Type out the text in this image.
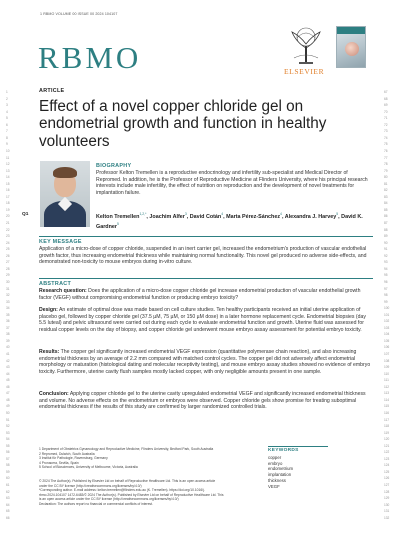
1 RBMO VOLUME 00 ISSUE 00 2024 104107
RBMO	ELSEVIER
1
2
3
4
5
6
7
8
9
10
11
12
13
14
15
16
17
18
19
20
21
22
23
24
25
26
27
28
29
30
31
32
33
34
35
36
37
38
39
40
41
42
43
44
45
46
47
48
49
50
51
52
53
54
55
56
57
58
59
60
61
62
63
64
65
66
67
68
69
70
71
72
73
74
75
76
77
78
79
80
81
82
83
84
85
86
87
88
89
90
91
92
93
94
95
96
97
98
99
100
101
102
103
104
105
106
107
108
109
110
111
112
113
114
115
116
117
118
119
120
121
122
123
124
125
126
127
128
129
130
131
132
ARTICLE
Effect of a novel copper chloride gel on endometrial growth and function in healthy volunteers
BIOGRAPHY

Professor Kelton Tremellen is a reproductive endocrinology and infertility sub-specialist and Medical Director of Repromed. In addition, he is the Professor of Reproductive Medicine at Flinders University, where his principal research interests include male infertility, the effect of nutrition on reproduction and the development of novel treatments for implantation failure.

Q1	Kelton Tremellen$^{1,2,*}$, Joachim Alfer$^3$, David Cotán$^4$, Marta Pérez-Sánchez$^4$, Alexandra J. Harvey$^5$, David K. Gardner$^5$
KEY MESSAGE

Application of a micro-dose of copper chloride, suspended in an inert carrier gel, increased the endometrium's production of vascular endothelial growth factor, thus increasing endometrial thickness while maintaining normal functionality. This novel gel produced no adverse side-effects, and demonstrated non-toxicity to mouse embryos during in-vitro culture.

ABSTRACT

Research question: Does the application of a micro-dose copper chloride gel increase endometrial production of vascular endothelial growth factor (VEGF) without compromising endometrial function or producing embryo toxicity?

Design: An estimate of optimal dose was made based on cell culture studies. Ten healthy participants received an initial uterine application of placebo gel, followed by copper chloride gel (37.5 µM, 75 µM, or 150 µM dose) in a later hormone replacement cycle. Endometrial biopsies (day 5.5 luteal) and pelvic ultrasound were carried out during each cycle to evaluate endometrial function and growth. Uterine fluid was assessed for residual copper levels on the day of biopsy, and copper chloride gel underwent mouse embryo assay assessment for potential embryo toxicity.

Results: The copper gel significantly increased endometrial VEGF expression (quantitative polymerase chain reaction), and also increasing endometrial thickness by an average of 2.2 mm compared with matched control cycles. The copper gel did not adversely affect endometrial morphology or maturation (histological dating and molecular receptivity testing), and mouse embryo assay studies showed no evidence of embryo toxicity. Furthermore, uterine cavity flush samples mostly lacked copper, with only negligible amounts present in one sample.

Conclusion: Applying copper chloride gel to the uterine cavity upregulated endometrial VEGF and significantly increased endometrial thickness and volume. No adverse effects on the endometrium or embryos were observed. Copper chloride gels show promise for treating suboptimal endometrial thickness if the results of this study are confirmed by larger randomized controlled trials.

1 Department of Obstetrics Gynaecology and Reproductive Medicine, Flinders University, Bedford Park, South Australia
2 Repromed, Dulwich, South Australia
3 Institut für Pathologie, Ravensburg, Germany
4 Pronacera, Sevilla, Spain
5 School of Biosciences, University of Melbourne, Victoria, Australia
KEYWORDS
copper
embryo
endometrium
implantation
thickness
VEGF
© 2024 The Author(s). Published by Elsevier Ltd on behalf of Reproductive Healthcare Ltd. This is an open access article
under the CC BY license (http://creativecommons.org/licenses/by/4.0/)
*Corresponding author. E-mail address: kelton.tremellen@flinders.edu.au (K. Tremellen). https://doi.org/10.1016/j.
rbmo.2024.104107 1472-6483/© 2024 The Author(s). Published by Elsevier Ltd on behalf of Reproductive Healthcare Ltd. This
is an open access article under the CC BY license (http://creativecommons.org/licenses/by/4.0/)
Declaration: The authors report no financial or commercial conflicts of interest.
